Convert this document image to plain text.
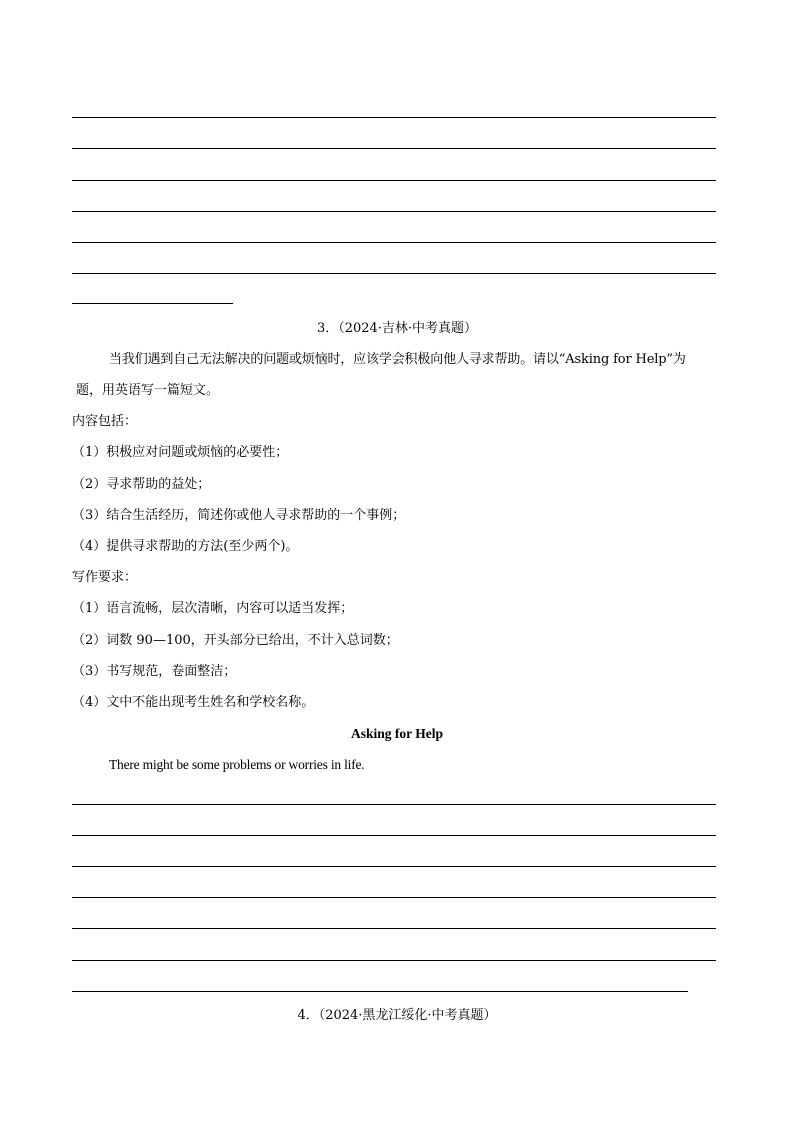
3．（2024·吉林·中考真题）
当我们遇到自己无法解决的问题或烦恼时，应该学会积极向他人寻求帮助。请以“Asking for Help”为
题，用英语写一篇短文。
内容包括：
（1）积极应对问题或烦恼的必要性；
（2）寻求帮助的益处；
（3）结合生活经历，简述你或他人寻求帮助的一个事例；
（4）提供寻求帮助的方法(至少两个)。
写作要求：
（1）语言流畅，层次清晰，内容可以适当发挥；
（2）词数 90—100，开头部分已给出，不计入总词数；
（3）书写规范，卷面整洁；
（4）文中不能出现考生姓名和学校名称。
Asking for Help
There might be some problems or worries in life.
4．（2024·黑龙江绥化·中考真题）
